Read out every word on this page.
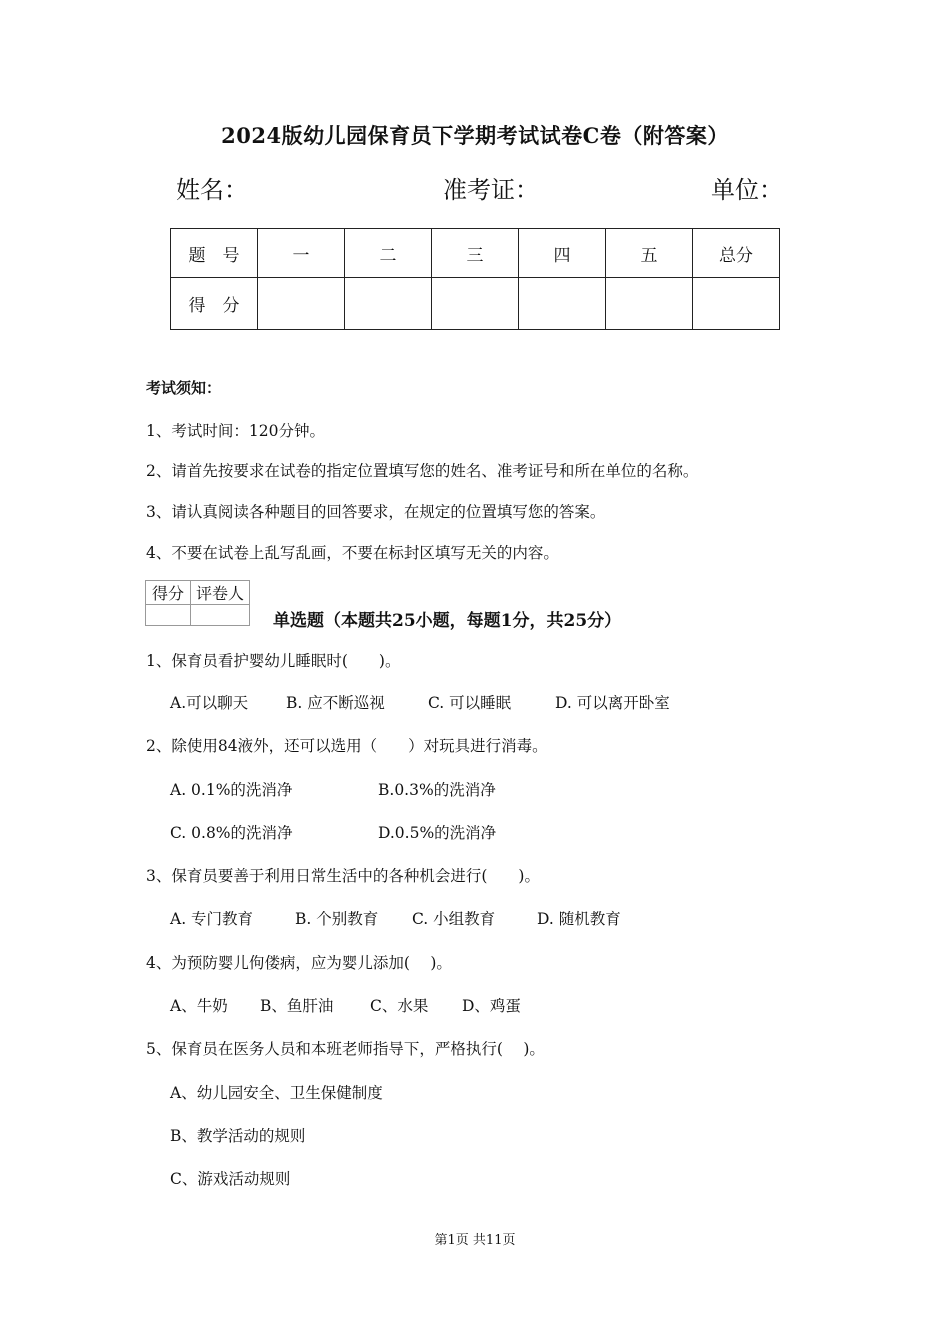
2024版幼儿园保育员下学期考试试卷C卷（附答案）
姓名：	准考证：	单位：
题　号	一	二	三	四	五	总分
得　分						
考试须知：
1、考试时间：120分钟。
2、请首先按要求在试卷的指定位置填写您的姓名、准考证号和所在单位的名称。
3、请认真阅读各种题目的回答要求，在规定的位置填写您的答案。
4、不要在试卷上乱写乱画，不要在标封区填写无关的内容。
得分	评卷人

单选题（本题共25小题，每题1分，共25分）
1、保育员看护婴幼儿睡眠时(　　)。
A.可以聊天 B. 应不断巡视	C. 可以睡眠	D. 可以离开卧室
2、除使用84液外，还可以选用（　　）对玩具进行消毒。
A. 0.1%的洗消净	B.0.3%的洗消净
C. 0.8%的洗消净	D.0.5%的洗消净
3、保育员要善于利用日常生活中的各种机会进行(　　)。
A. 专门教育	B. 个别教育 C. 小组教育	D. 随机教育
4、为预防婴儿佝偻病，应为婴儿添加(　 )。
A、牛奶 B、鱼肝油 C、水果 D、鸡蛋
5、保育员在医务人员和本班老师指导下，严格执行(　 )。
A、幼儿园安全、卫生保健制度
B、教学活动的规则
C、游戏活动规则
第1页 共11页
